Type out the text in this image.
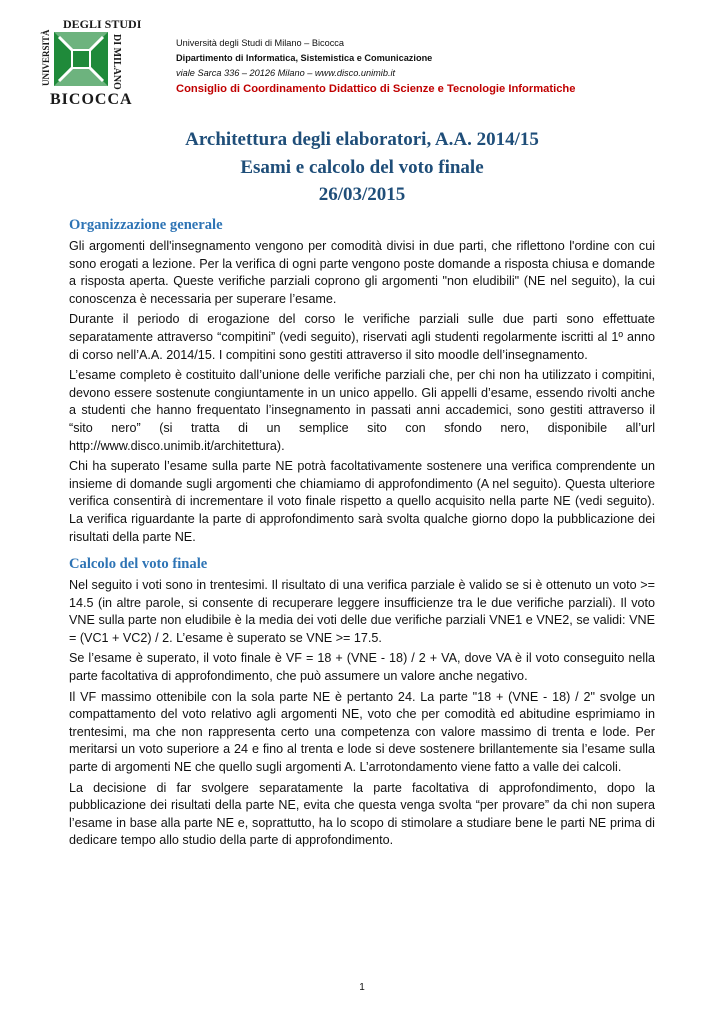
UNIVERSITÀ
DEGLI STUDI
DI MILANO
BICOCCA
Università degli Studi di Milano – Bicocca
Dipartimento di Informatica, Sistemistica e Comunicazione
viale Sarca 336 – 20126 Milano – www.disco.unimib.it
Consiglio di Coordinamento Didattico di Scienze e Tecnologie Informatiche
Architettura degli elaboratori, A.A. 2014/15
Esami e calcolo del voto finale
26/03/2015
Organizzazione generale

Gli argomenti dell'insegnamento vengono per comodità divisi in due parti, che riflettono l'ordine con cui sono erogati a lezione. Per la verifica di ogni parte vengono poste domande a risposta chiusa e domande a risposta aperta. Queste verifiche parziali coprono gli argomenti "non eludibili" (NE nel seguito), la cui conoscenza è necessaria per superare l’esame.

Durante il periodo di erogazione del corso le verifiche parziali sulle due parti sono effettuate separatamente attraverso “compitini” (vedi seguito), riservati agli studenti regolarmente iscritti al 1º anno di corso nell’A.A. 2014/15. I compitini sono gestiti attraverso il sito moodle dell’insegnamento.

L’esame completo è costituito dall’unione delle verifiche parziali che, per chi non ha utilizzato i compitini, devono essere sostenute congiuntamente in un unico appello. Gli appelli d’esame, essendo rivolti anche a studenti che hanno frequentato l’insegnamento in passati anni accademici, sono gestiti attraverso il “sito nero” (si tratta di un semplice sito con sfondo nero, disponibile all’url http://www.disco.unimib.it/architettura).

Chi ha superato l’esame sulla parte NE potrà facoltativamente sostenere una verifica comprendente un insieme di domande sugli argomenti che chiamiamo di approfondimento (A nel seguito). Questa ulteriore verifica consentirà di incrementare il voto finale rispetto a quello acquisito nella parte NE (vedi seguito). La verifica riguardante la parte di approfondimento sarà svolta qualche giorno dopo la pubblicazione dei risultati della parte NE.

Calcolo del voto finale

Nel seguito i voti sono in trentesimi. Il risultato di una verifica parziale è valido se si è ottenuto un voto >= 14.5 (in altre parole, si consente di recuperare leggere insufficienze tra le due verifiche parziali). Il voto VNE sulla parte non eludibile è la media dei voti delle due verifiche parziali VNE1 e VNE2, se validi: VNE = (VC1 + VC2) / 2. L’esame è superato se VNE >= 17.5.

Se l’esame è superato, il voto finale è VF = 18 + (VNE - 18) / 2 + VA, dove VA è il voto conseguito nella parte facoltativa di approfondimento, che può assumere un valore anche negativo.

Il VF massimo ottenibile con la sola parte NE è pertanto 24. La parte "18 + (VNE - 18) / 2" svolge un compattamento del voto relativo agli argomenti NE, voto che per comodità ed abitudine esprimiamo in trentesimi, ma che non rappresenta certo una competenza con valore massimo di trenta e lode. Per meritarsi un voto superiore a 24 e fino al trenta e lode si deve sostenere brillantemente sia l’esame sulla parte di argomenti NE che quello sugli argomenti A. L’arrotondamento viene fatto a valle dei calcoli.

La decisione di far svolgere separatamente la parte facoltativa di approfondimento, dopo la pubblicazione dei risultati della parte NE, evita che questa venga svolta “per provare” da chi non supera l’esame in base alla parte NE e, soprattutto, ha lo scopo di stimolare a studiare bene le parti NE prima di dedicare tempo allo studio della parte di approfondimento.

1
